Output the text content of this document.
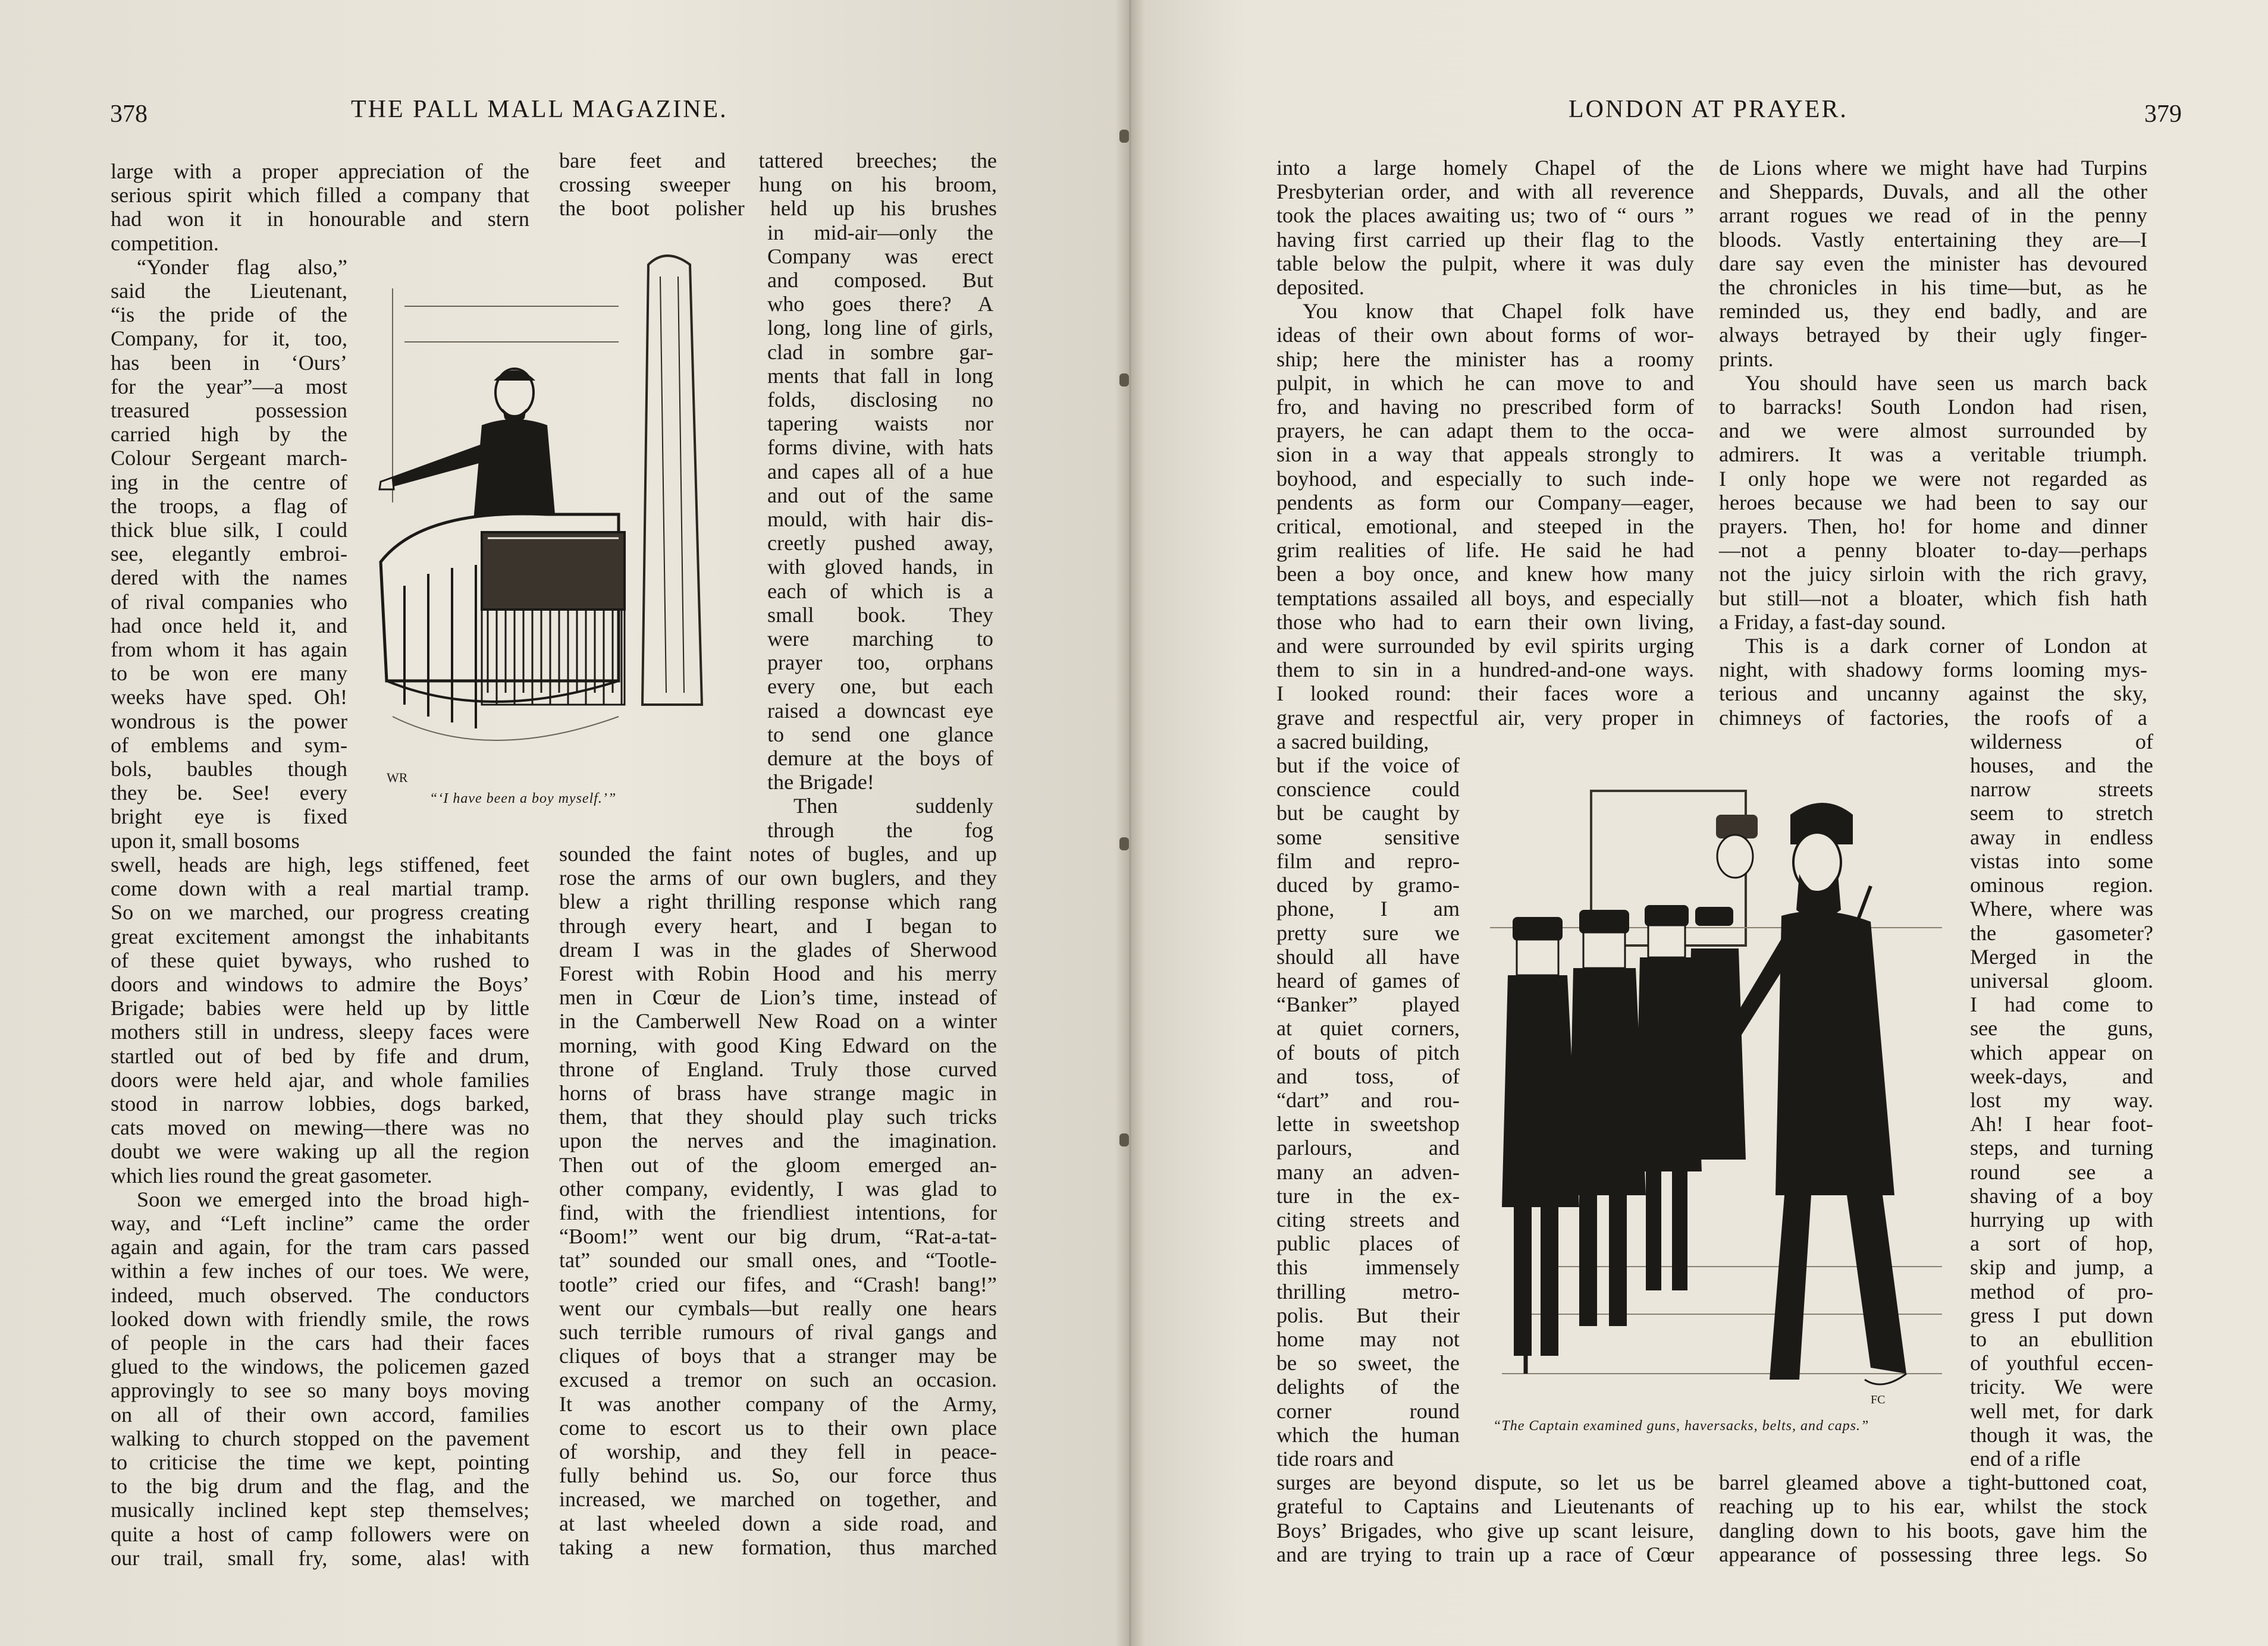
378	THE PALL MALL MAGAZINE.
large with a proper appreciation of the
serious spirit which filled a company that
had won it in honourable and stern
competition.
“Yonder flag also,”
said the Lieutenant,
“is the pride of the
Company, for it, too,
has been in ‘Ours’
for the year”—a most
treasured possession
carried high by the
Colour Sergeant march-
ing in the centre of
the troops, a flag of
thick blue silk, I could
see, elegantly embroi-
dered with the names
of rival companies who
had once held it, and
from whom it has again
to be won ere many
weeks have sped. Oh!
wondrous is the power
of emblems and sym-
bols, baubles though
they be. See! every
bright eye is fixed
upon it, small bosoms
swell, heads are high, legs stiffened, feet
come down with a real martial tramp.
So on we marched, our progress creating
great excitement amongst the inhabitants
of these quiet byways, who rushed to
doors and windows to admire the Boys’
Brigade; babies were held up by little
mothers still in undress, sleepy faces were
startled out of bed by fife and drum,
doors were held ajar, and whole families
stood in narrow lobbies, dogs barked,
cats moved on mewing—there was no
doubt we were waking up all the region
which lies round the great gasometer.
Soon we emerged into the broad high-
way, and “Left incline” came the order
again and again, for the tram cars passed
within a few inches of our toes. We were,
indeed, much observed. The conductors
looked down with friendly smile, the rows
of people in the cars had their faces
glued to the windows, the policemen gazed
approvingly to see so many boys moving
on all of their own accord, families
walking to church stopped on the pavement
to criticise the time we kept, pointing
to the big drum and the flag, and the
musically inclined kept step themselves;
quite a host of camp followers were on
our trail, small fry, some, alas! with
bare feet and tattered breeches; the
crossing sweeper hung on his broom,
the boot polisher held up his brushes
in mid-air—only the
Company was erect
and composed. But
who goes there? A
long, long line of girls,
clad in sombre gar-
ments that fall in long
folds, disclosing no
tapering waists nor
forms divine, with hats
and capes all of a hue
and out of the same
mould, with hair dis-
creetly pushed away,
with gloved hands, in
each of which is a
small book. They
were marching to
prayer too, orphans
every one, but each
raised a downcast eye
to send one glance
demure at the boys of
the Brigade!
Then suddenly
through the fog
sounded the faint notes of bugles, and up
rose the arms of our own buglers, and they
blew a right thrilling response which rang
through every heart, and I began to
dream I was in the glades of Sherwood
Forest with Robin Hood and his merry
men in Cœur de Lion’s time, instead of
in the Camberwell New Road on a winter
morning, with good King Edward on the
throne of England. Truly those curved
horns of brass have strange magic in
them, that they should play such tricks
upon the nerves and the imagination.
Then out of the gloom emerged an-
other company, evidently, I was glad to
find, with the friendliest intentions, for
“Boom!” went our big drum, “Rat-a-tat-
tat” sounded our small ones, and “Tootle-
tootle” cried our fifes, and “Crash! bang!”
went our cymbals—but really one hears
such terrible rumours of rival gangs and
cliques of boys that a stranger may be
excused a tremor on such an occasion.
It was another company of the Army,
come to escort us to their own place
of worship, and they fell in peace-
fully behind us. So, our force thus
increased, we marched on together, and
at last wheeled down a side road, and
taking a new formation, thus marched
WR
“‘I have been a boy myself.’”
LONDON AT PRAYER.	379
into a large homely Chapel of the
Presbyterian order, and with all reverence
took the places awaiting us; two of “ ours ”
having first carried up their flag to the
table below the pulpit, where it was duly
deposited.
You know that Chapel folk have
ideas of their own about forms of wor-
ship; here the minister has a roomy
pulpit, in which he can move to and
fro, and having no prescribed form of
prayers, he can adapt them to the occa-
sion in a way that appeals strongly to
boyhood, and especially to such inde-
pendents as form our Company—eager,
critical, emotional, and steeped in the
grim realities of life. He said he had
been a boy once, and knew how many
temptations assailed all boys, and especially
those who had to earn their own living,
and were surrounded by evil spirits urging
them to sin in a hundred-and-one ways.
I looked round: their faces wore a
grave and respectful air, very proper in
a sacred building,
but if the voice of
conscience could
but be caught by
some sensitive
film and repro-
duced by gramo-
phone, I am
pretty sure we
should all have
heard of games of
“Banker” played
at quiet corners,
of bouts of pitch
and toss, of
“dart” and rou-
lette in sweetshop
parlours, and
many an adven-
ture in the ex-
citing streets and
public places of
this immensely
thrilling metro-
polis. But their
home may not
be so sweet, the
delights of the
corner round
which the human
tide roars and
surges are beyond dispute, so let us be
grateful to Captains and Lieutenants of
Boys’ Brigades, who give up scant leisure,
and are trying to train up a race of Cœur
de Lions where we might have had Turpins
and Sheppards, Duvals, and all the other
arrant rogues we read of in the penny
bloods. Vastly entertaining they are—I
dare say even the minister has devoured
the chronicles in his time—but, as he
reminded us, they end badly, and are
always betrayed by their ugly finger-
prints.
You should have seen us march back
to barracks! South London had risen,
and we were almost surrounded by
admirers. It was a veritable triumph.
I only hope we were not regarded as
heroes because we had been to say our
prayers. Then, ho! for home and dinner
—not a penny bloater to-day—perhaps
not the juicy sirloin with the rich gravy,
but still—not a bloater, which fish hath
a Friday, a fast-day sound.
This is a dark corner of London at
night, with shadowy forms looming mys-
terious and uncanny against the sky,
chimneys of factories, the roofs of a
wilderness of
houses, and the
narrow streets
seem to stretch
away in endless
vistas into some
ominous region.
Where, where was
the gasometer?
Merged in the
universal gloom.
I had come to
see the guns,
which appear on
week-days, and
lost my way.
Ah! I hear foot-
steps, and turning
round see a
shaving of a boy
hurrying up with
a sort of hop,
skip and jump, a
method of pro-
gress I put down
to an ebullition
of youthful eccen-
tricity. We were
well met, for dark
though it was, the
end of a rifle
barrel gleamed above a tight-buttoned coat,
reaching up to his ear, whilst the stock
dangling down to his boots, gave him the
appearance of possessing three legs. So
FC
“The Captain examined guns, haversacks, belts, and caps.”
